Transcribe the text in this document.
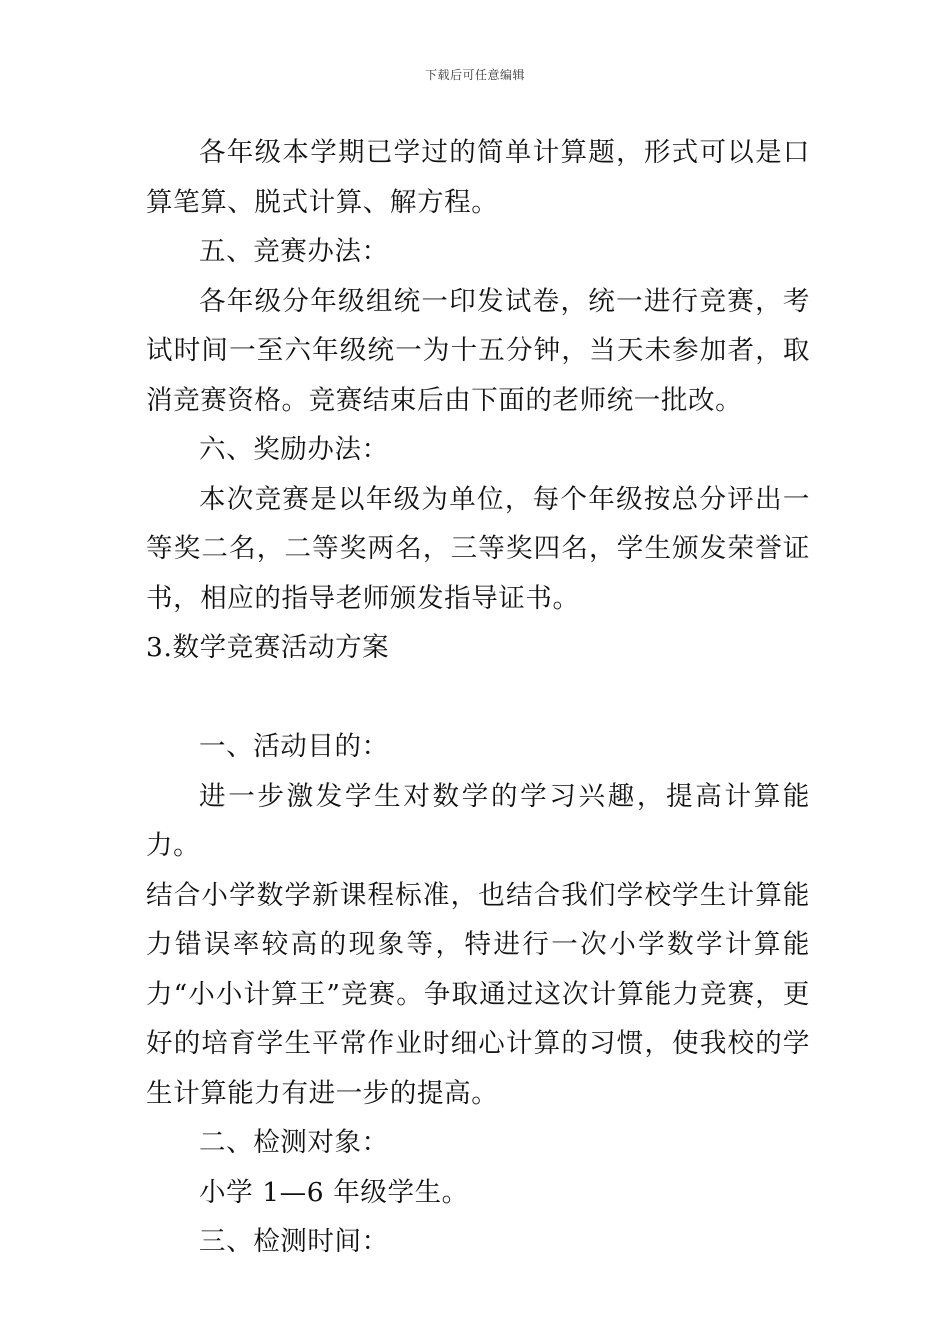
下载后可任意编辑

各年级本学期已学过的简单计算题，形式可以是口算笔算、脱式计算、解方程。

五、竞赛办法：

各年级分年级组统一印发试卷，统一进行竞赛，考试时间一至六年级统一为十五分钟，当天未参加者，取消竞赛资格。竞赛结束后由下面的老师统一批改。

六、奖励办法：

本次竞赛是以年级为单位，每个年级按总分评出一等奖二名，二等奖两名，三等奖四名，学生颁发荣誉证书，相应的指导老师颁发指导证书。

3.数学竞赛活动方案

一、活动目的：

进一步激发学生对数学的学习兴趣，提高计算能力。

结合小学数学新课程标准，也结合我们学校学生计算能力错误率较高的现象等，特进行一次小学数学计算能力“小小计算王”竞赛。争取通过这次计算能力竞赛，更好的培育学生平常作业时细心计算的习惯，使我校的学生计算能力有进一步的提高。

二、检测对象：

小学 1—6 年级学生。

三、检测时间：
